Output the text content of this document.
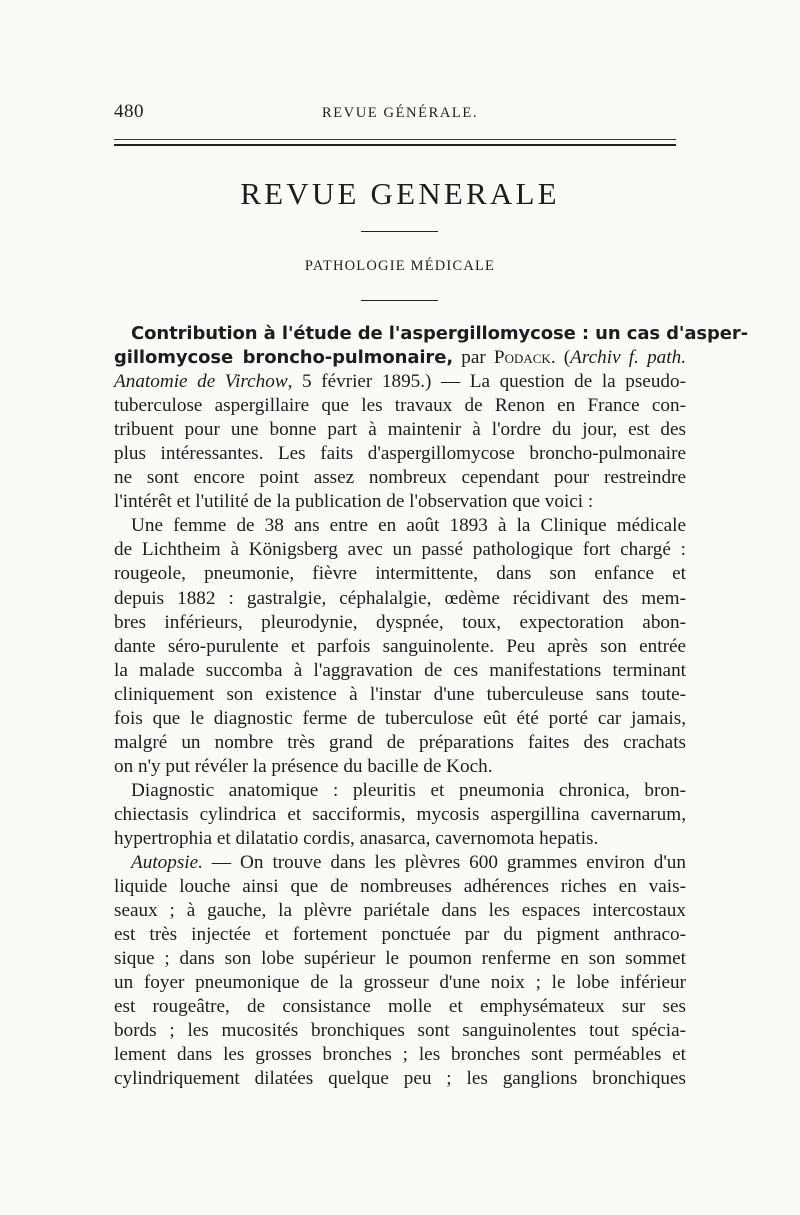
480	REVUE GÉNÉRALE.
REVUE GENERALE
PATHOLOGIE MÉDICALE
Contribution à l'étude de l'aspergillomycose : un cas d'asper-
gillomycose broncho-pulmonaire, par Podack. (Archiv f. path.
Anatomie de Virchow, 5 février 1895.) — La question de la pseudo-
tuberculose aspergillaire que les travaux de Renon en France con-
tribuent pour une bonne part à maintenir à l'ordre du jour, est des
plus intéressantes. Les faits d'aspergillomycose broncho-pulmonaire
ne sont encore point assez nombreux cependant pour restreindre
l'intérêt et l'utilité de la publication de l'observation que voici :
Une femme de 38 ans entre en août 1893 à la Clinique médicale
de Lichtheim à Königsberg avec un passé pathologique fort chargé :
rougeole, pneumonie, fièvre intermittente, dans son enfance et
depuis 1882 : gastralgie, céphalalgie, œdème récidivant des mem-
bres inférieurs, pleurodynie, dyspnée, toux, expectoration abon-
dante séro-purulente et parfois sanguinolente. Peu après son entrée
la malade succomba à l'aggravation de ces manifestations terminant
cliniquement son existence à l'instar d'une tuberculeuse sans toute-
fois que le diagnostic ferme de tuberculose eût été porté car jamais,
malgré un nombre très grand de préparations faites des crachats
on n'y put révéler la présence du bacille de Koch.
Diagnostic anatomique : pleuritis et pneumonia chronica, bron-
chiectasis cylindrica et sacciformis, mycosis aspergillina cavernarum,
hypertrophia et dilatatio cordis, anasarca, cavernomota hepatis.
Autopsie. — On trouve dans les plèvres 600 grammes environ d'un
liquide louche ainsi que de nombreuses adhérences riches en vais-
seaux ; à gauche, la plèvre pariétale dans les espaces intercostaux
est très injectée et fortement ponctuée par du pigment anthraco-
sique ; dans son lobe supérieur le poumon renferme en son sommet
un foyer pneumonique de la grosseur d'une noix ; le lobe inférieur
est rougeâtre, de consistance molle et emphysémateux sur ses
bords ; les mucosités bronchiques sont sanguinolentes tout spécia-
lement dans les grosses bronches ; les bronches sont perméables et
cylindriquement dilatées quelque peu ; les ganglions bronchiques
